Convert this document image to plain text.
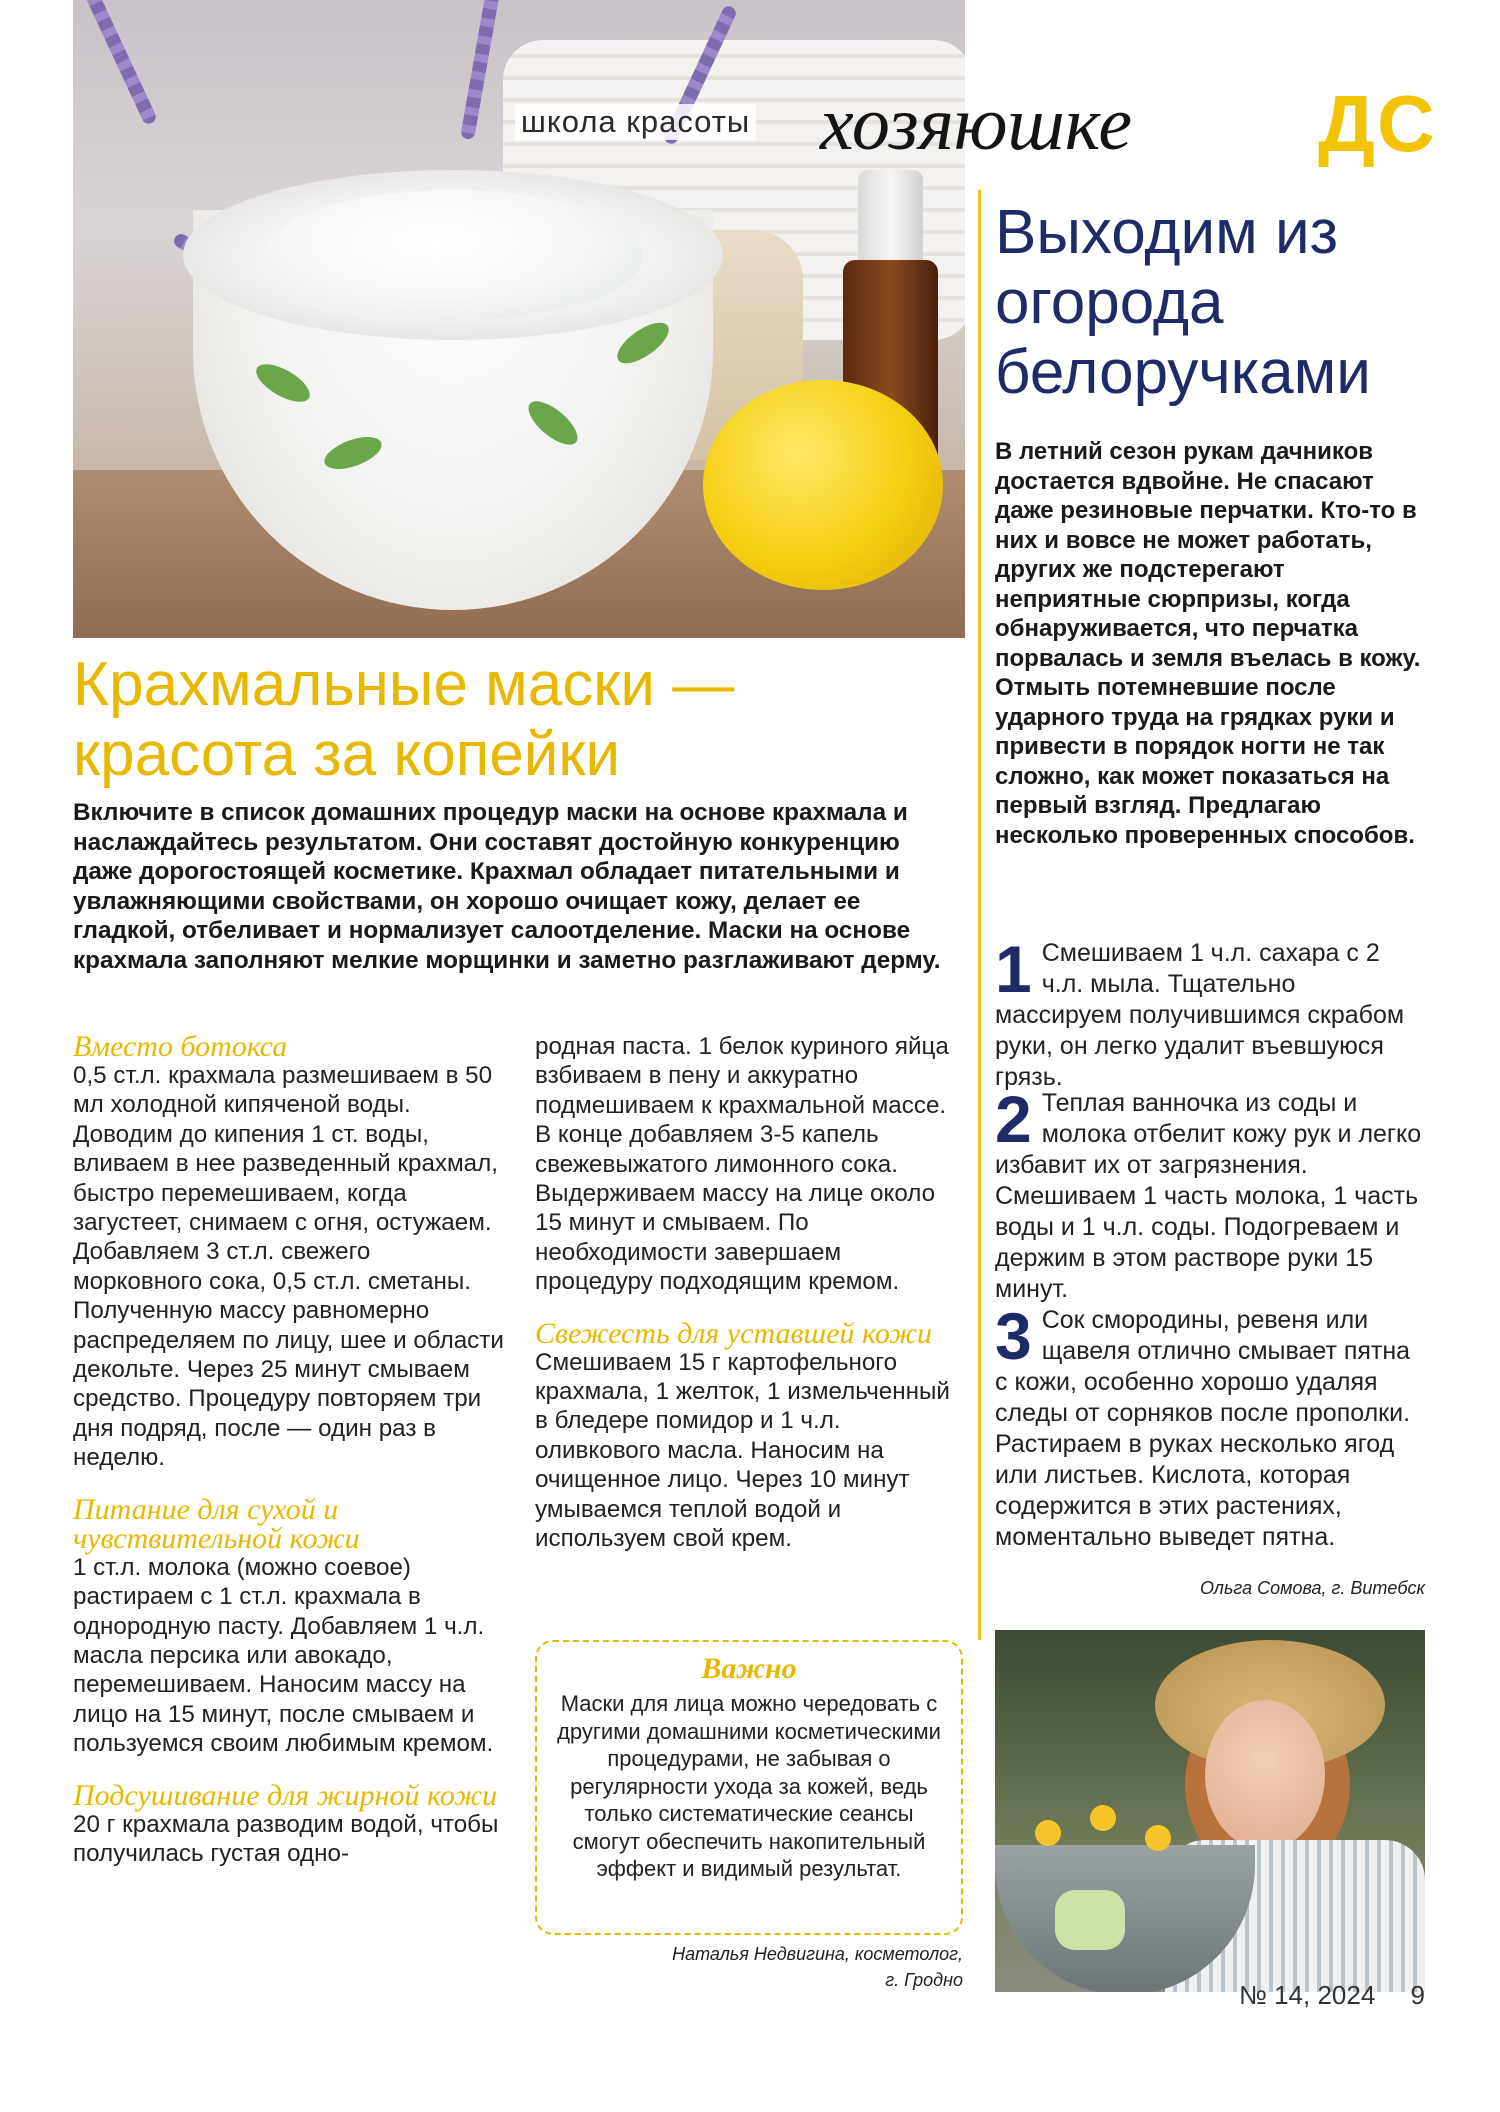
школа красоты хозяюшке ДС
Выходим из огорода белоручками
В летний сезон рукам дачников достается вдвойне. Не спасают даже резиновые перчатки. Кто-то в них и вовсе не может работать, других же подстерегают неприятные сюрпризы, когда обнаруживается, что перчатка порвалась и земля въелась в кожу. Отмыть потемневшие после ударного труда на грядках руки и привести в порядок ногти не так сложно, как может показаться на первый взгляд. Предлагаю несколько проверенных способов.
1 Смешиваем 1 ч.л. сахара с 2 ч.л. мыла. Тщательно массируем получившимся скрабом руки, он легко удалит въевшуюся грязь.
2 Теплая ванночка из соды и молока отбелит кожу рук и легко избавит их от загрязнения. Смешиваем 1 часть молока, 1 часть воды и 1 ч.л. соды. Подогреваем и держим в этом растворе руки 15 минут.
3 Сок смородины, ревеня или щавеля отлично смывает пятна с кожи, особенно хорошо удаляя следы от сорняков после прополки. Растираем в руках несколько ягод или листьев. Кислота, которая содержится в этих растениях, моментально выведет пятна.
Ольга Сомова, г. Витебск
Крахмальные маски — красота за копейки
Включите в список домашних процедур маски на основе крахмала и наслаждайтесь результатом. Они составят достойную конкуренцию даже дорогостоящей косметике. Крахмал обладает питательными и увлажняющими свойствами, он хорошо очищает кожу, делает ее гладкой, отбеливает и нормализует салоотделение. Маски на основе крахмала заполняют мелкие морщинки и заметно разглаживают дерму.

Вместо ботокса

0,5 ст.л. крахмала размешиваем в 50 мл холодной кипяченой воды. Доводим до кипения 1 ст. воды, вливаем в нее разведенный крахмал, быстро перемешиваем, когда загустеет, снимаем с огня, остужаем. Добавляем 3 ст.л. свежего морковного сока, 0,5 ст.л. сметаны. Полученную массу равномерно распределяем по лицу, шее и области декольте. Через 25 минут смываем средство. Процедуру повторяем три дня подряд, после — один раз в неделю.

Питание для сухой и чувствительной кожи

1 ст.л. молока (можно соевое) растираем с 1 ст.л. крахмала в однородную пасту. Добавляем 1 ч.л. масла персика или авокадо, перемешиваем. Наносим массу на лицо на 15 минут, после смываем и пользуемся своим любимым кремом.

Подсушивание для жирной кожи

20 г крахмала разводим водой, чтобы получилась густая одно-

родная паста. 1 белок куриного яйца взбиваем в пену и аккуратно подмешиваем к крахмальной массе. В конце добавляем 3-5 капель свежевыжатого лимонного сока. Выдерживаем массу на лице около 15 минут и смываем. По необходимости завершаем процедуру подходящим кремом.

Свежесть для уставшей кожи

Смешиваем 15 г картофельного крахмала, 1 желток, 1 измельченный в бледере помидор и 1 ч.л. оливкового масла. Наносим на очищенное лицо. Через 10 минут умываемся теплой водой и используем свой крем.

Важно
Маски для лица можно чередовать с другими домашними косметическими процедурами, не забывая о регулярности ухода за кожей, ведь только систематические сеансы смогут обеспечить накопительный эффект и видимый результат.
Наталья Недвигина, косметолог,
г. Гродно	№ 14, 2024 9
